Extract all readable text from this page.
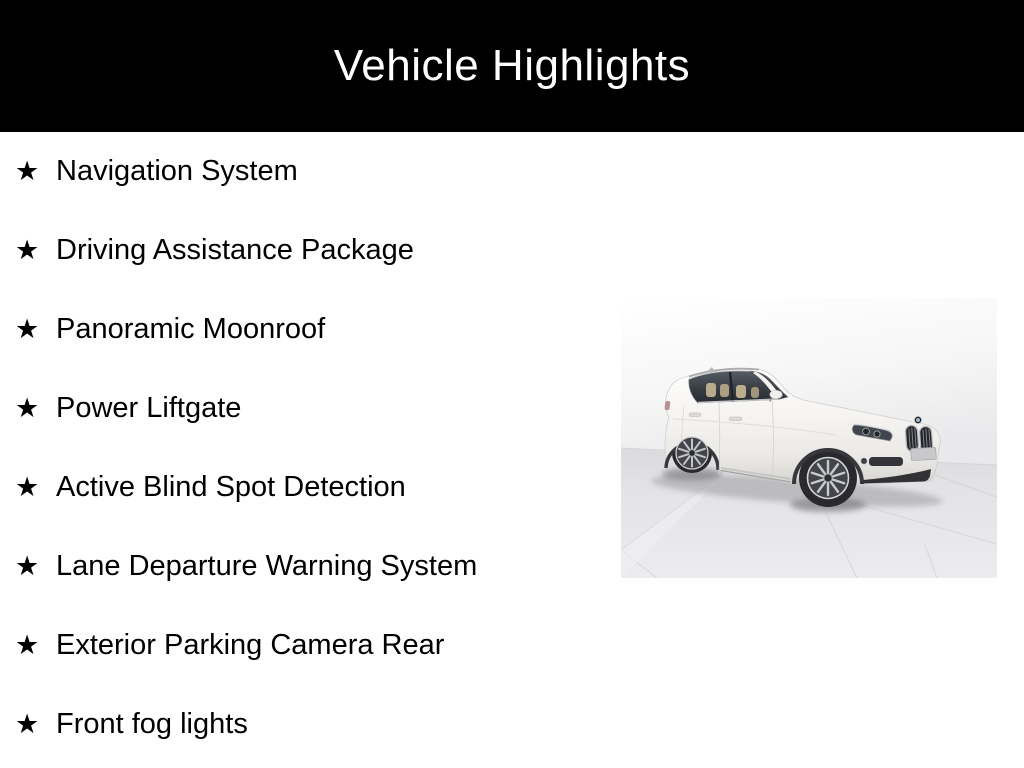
Vehicle Highlights
★ Navigation System
★ Driving Assistance Package
★ Panoramic Moonroof
★ Power Liftgate
★ Active Blind Spot Detection
★ Lane Departure Warning System
★ Exterior Parking Camera Rear
★ Front fog lights
